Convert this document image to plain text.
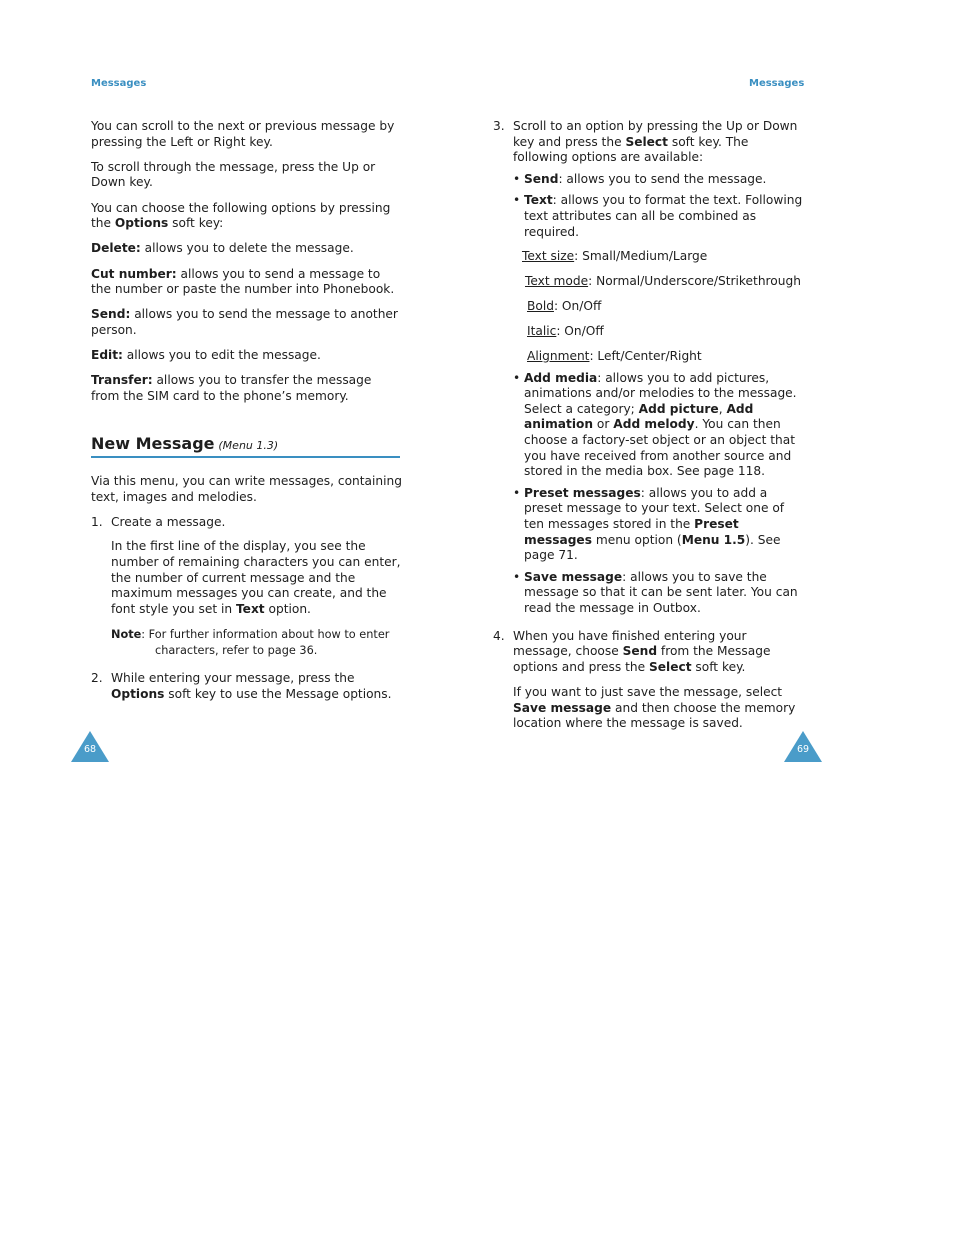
Messages	Messages

You can scroll to the next or previous message by pressing the Left or Right key.

To scroll through the message, press the Up or Down key.

You can choose the following options by pressing the Options soft key:

Delete: allows you to delete the message.

Cut number: allows you to send a message to the number or paste the number into Phonebook.

Send: allows you to send the message to another person.

Edit: allows you to edit the message.

Transfer: allows you to transfer the message from the SIM card to the phone’s memory.

New Message (Menu 1.3)

Via this menu, you can write messages, containing text, images and melodies.

1. Create a message.

In the first line of the display, you see the number of remaining characters you can enter, the number of current message and the maximum messages you can create, and the font style you set in Text option.

Note: For further information about how to enter
characters, refer to page 36.

2. While entering your message, press the Options soft key to use the Message options.

3. Scroll to an option by pressing the Up or Down key and press the Select soft key. The following options are available:

• Send: allows you to send the message.

• Text: allows you to format the text. Following text attributes can all be combined as required.

Text size: Small/Medium/Large

Text mode: Normal/Underscore/Strikethrough

Bold: On/Off

Italic: On/Off

Alignment: Left/Center/Right

• Add media: allows you to add pictures, animations and/or melodies to the message. Select a category; Add picture, Add animation or Add melody. You can then choose a factory-set object or an object that you have received from another source and stored in the media box. See page 118.

• Preset messages: allows you to add a preset message to your text. Select one of ten messages stored in the Preset messages menu option (Menu 1.5). See page 71.

• Save message: allows you to save the message so that it can be sent later. You can read the message in Outbox.

4. When you have finished entering your message, choose Send from the Message options and press the Select soft key.

If you want to just save the message, select Save message and then choose the memory location where the message is saved.

68	69
